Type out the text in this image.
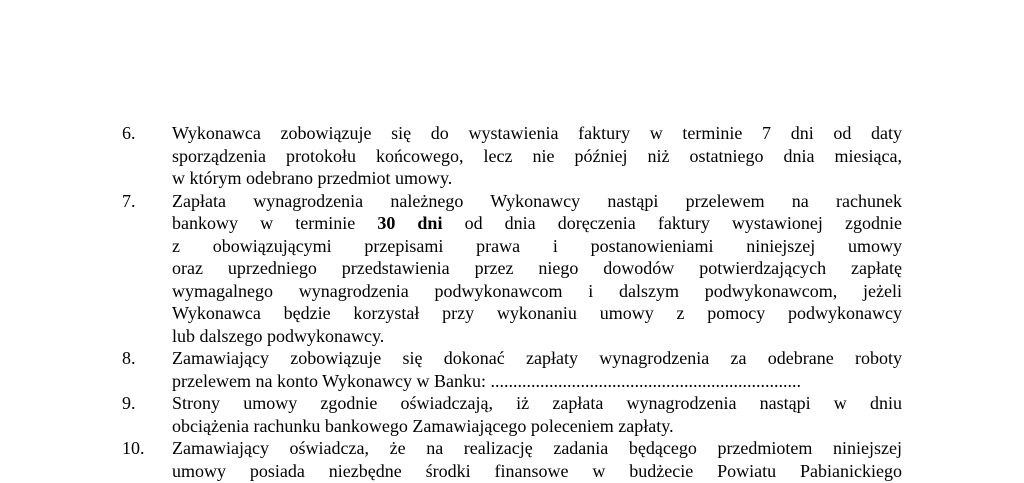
6. Wykonawca zobowiązuje się do wystawienia faktury w terminie 7 dni od daty
sporządzenia protokołu końcowego, lecz nie później niż ostatniego dnia miesiąca,
w którym odebrano przedmiot umowy.
7. Zapłata wynagrodzenia należnego Wykonawcy nastąpi przelewem na rachunek
bankowy w terminie 30 dni od dnia doręczenia faktury wystawionej zgodnie
z obowiązującymi przepisami prawa i postanowieniami niniejszej umowy
oraz uprzedniego przedstawienia przez niego dowodów potwierdzających zapłatę
wymagalnego wynagrodzenia podwykonawcom i dalszym podwykonawcom, jeżeli
Wykonawca będzie korzystał przy wykonaniu umowy z pomocy podwykonawcy
lub dalszego podwykonawcy.
8. Zamawiający zobowiązuje się dokonać zapłaty wynagrodzenia za odebrane roboty
przelewem na konto Wykonawcy w Banku: .....................................................................
9. Strony umowy zgodnie oświadczają, iż zapłata wynagrodzenia nastąpi w dniu
obciążenia rachunku bankowego Zamawiającego poleceniem zapłaty.
10. Zamawiający oświadcza, że na realizację zadania będącego przedmiotem niniejszej
umowy posiada niezbędne środki finansowe w budżecie Powiatu Pabianickiego
